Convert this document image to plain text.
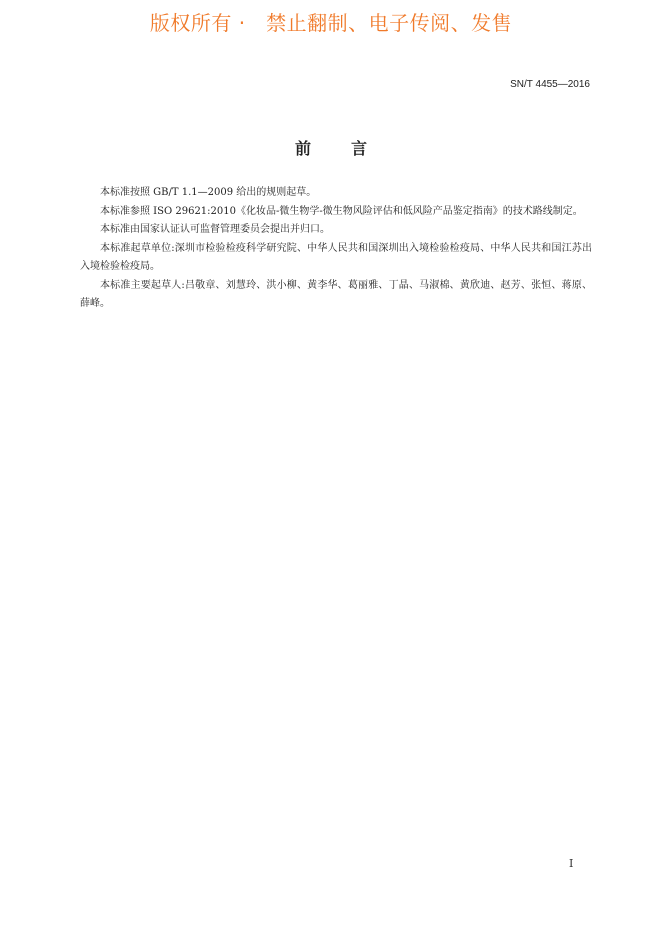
版权所有 ·   禁止翻制、电子传阅、发售
SN/T 4455—2016
前言

本标准按照 GB/T 1.1—2009 给出的规则起草。

本标准参照 ISO 29621:2010《化妆品-微生物学-微生物风险评估和低风险产品鉴定指南》的技术路线制定。

本标准由国家认证认可监督管理委员会提出并归口。

本标准起草单位:深圳市检验检疫科学研究院、中华人民共和国深圳出入境检验检疫局、中华人民共和国江苏出入境检验检疫局。

本标准主要起草人:吕敬章、刘慧玲、洪小柳、黄李华、葛丽雅、丁晶、马淑棉、黄欣迪、赵芳、张恒、蒋原、薛峰。

I
